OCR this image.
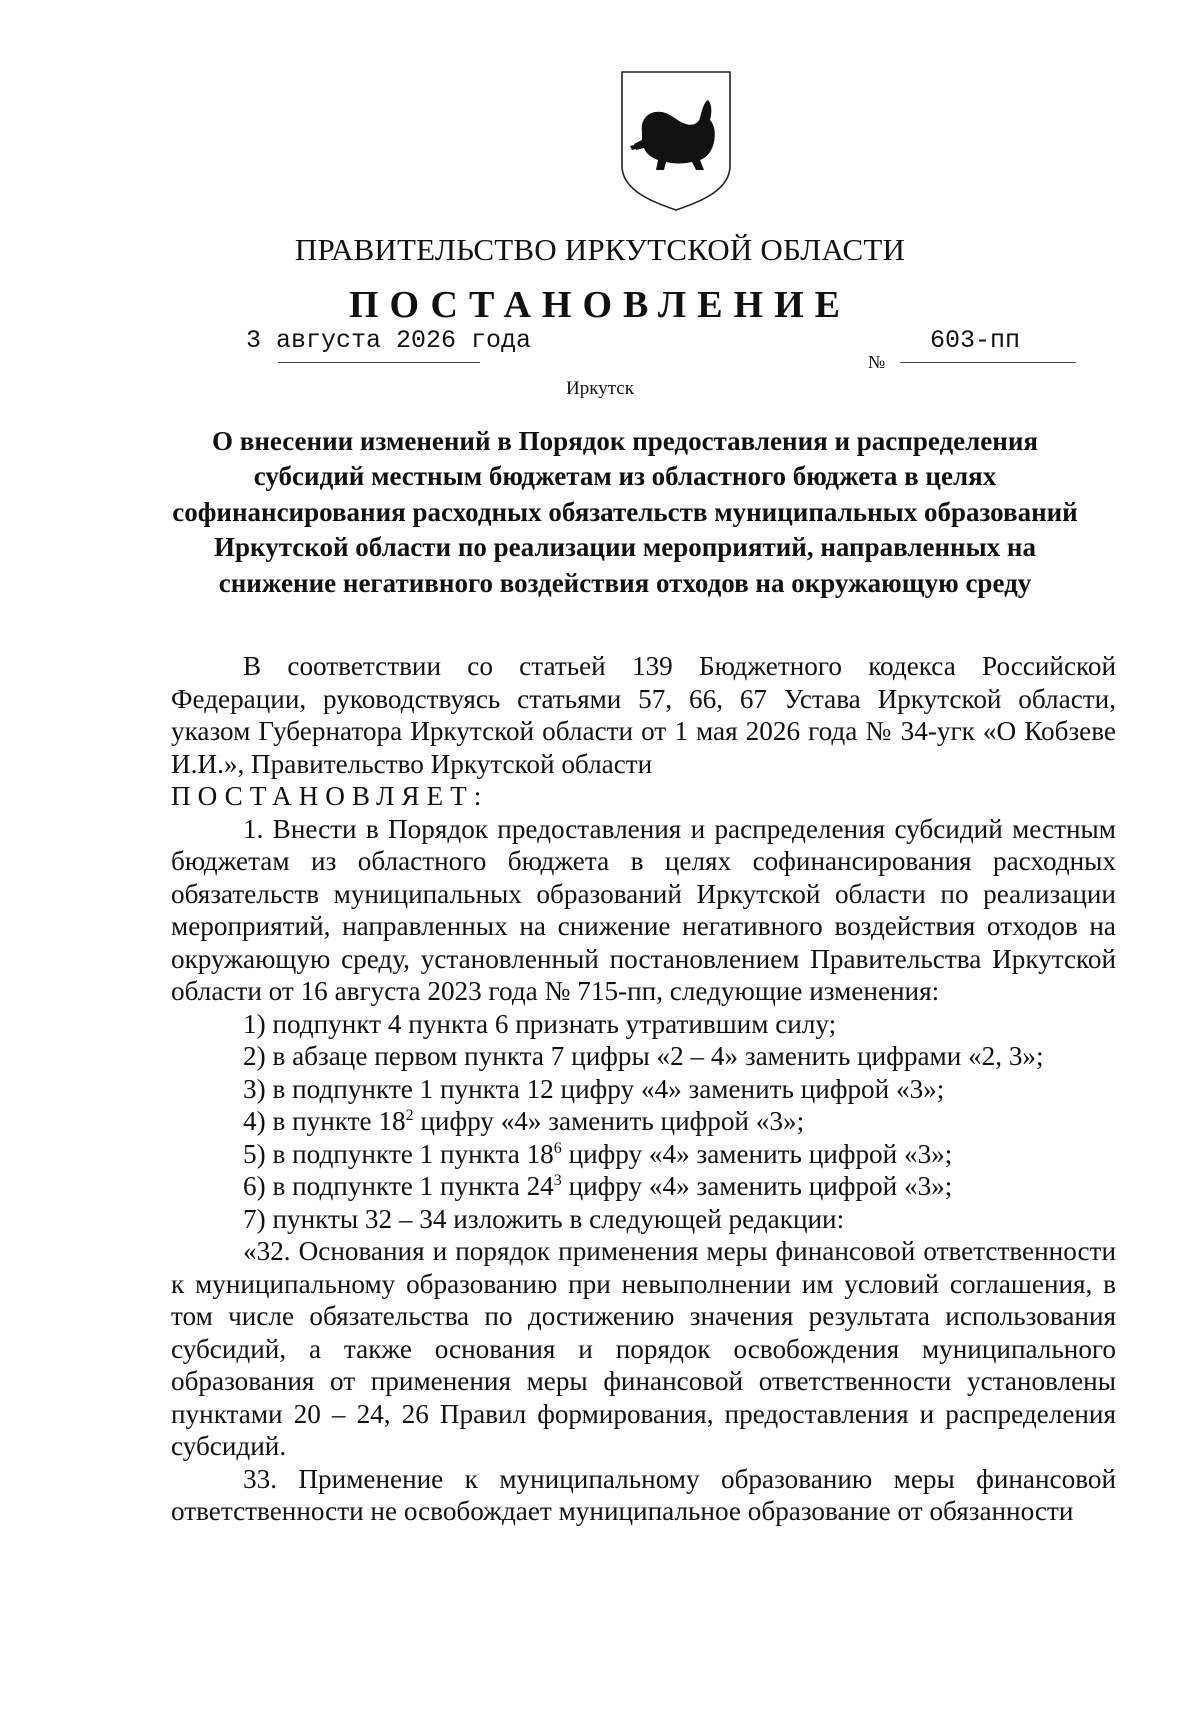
ПРАВИТЕЛЬСТВО ИРКУТСКОЙ ОБЛАСТИ
ПОСТАНОВЛЕНИЕ
3 августа 2026 года
№
603-пп
Иркутск
О внесении изменений в Порядок предоставления и распределения субсидий местным бюджетам из областного бюджета в целях софинансирования расходных обязательств муниципальных образований Иркутской области по реализации мероприятий, направленных на снижение негативного воздействия отходов на окружающую среду

В соответствии со статьей 139 Бюджетного кодекса Российской Федерации, руководствуясь статьями 57, 66, 67 Устава Иркутской области, указом Губернатора Иркутской области от 1 мая 2026 года № 34-угк «О Кобзеве И.И.», Правительство Иркутской области

ПОСТАНОВЛЯЕТ:

1. Внести в Порядок предоставления и распределения субсидий местным бюджетам из областного бюджета в целях софинансирования расходных обязательств муниципальных образований Иркутской области по реализации мероприятий, направленных на снижение негативного воздействия отходов на окружающую среду, установленный постановлением Правительства Иркутской области от 16 августа 2023 года № 715-пп, следующие изменения:

1) подпункт 4 пункта 6 признать утратившим силу;

2) в абзаце первом пункта 7 цифры «2 – 4» заменить цифрами «2, 3»;

3) в подпункте 1 пункта 12 цифру «4» заменить цифрой «3»;

4) в пункте $18^2$ цифру «4» заменить цифрой «3»;

5) в подпункте 1 пункта $18^6$ цифру «4» заменить цифрой «3»;

6) в подпункте 1 пункта $24^3$ цифру «4» заменить цифрой «3»;

7) пункты 32 – 34 изложить в следующей редакции:

«32. Основания и порядок применения меры финансовой ответственности к муниципальному образованию при невыполнении им условий соглашения, в том числе обязательства по достижению значения результата использования субсидий, а также основания и порядок освобождения муниципального образования от применения меры финансовой ответственности установлены пунктами 20 – 24, 26 Правил формирования, предоставления и распределения субсидий.

33. Применение к муниципальному образованию меры финансовой ответственности не освобождает муниципальное образование от обязанности
